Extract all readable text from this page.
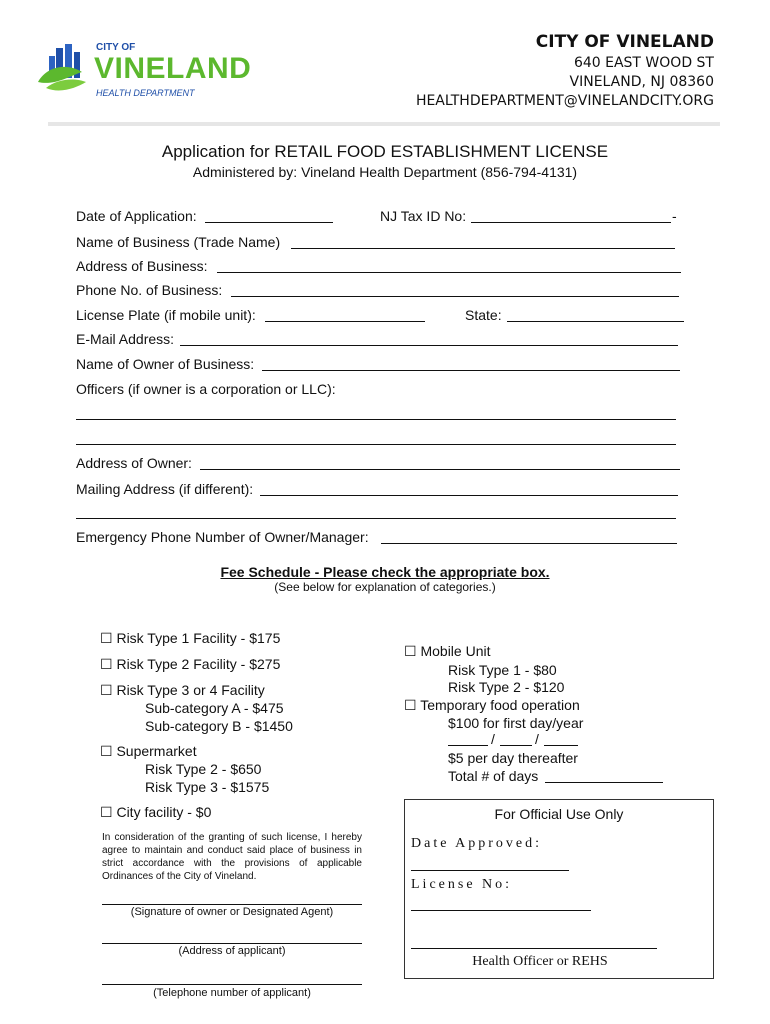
CITY OF
VINELAND
HEALTH DEPARTMENT
CITY OF VINELAND
640 EAST WOOD ST
VINELAND, NJ 08360
HEALTHDEPARTMENT@VINELANDCITY.ORG
Application for RETAIL FOOD ESTABLISHMENT LICENSE
Administered by: Vineland Health Department (856-794-4131)
Date of Application:	NJ Tax ID No:	-
Name of Business (Trade Name)
Address of Business:
Phone No. of Business:
License Plate (if mobile unit):	State:
E-Mail Address:
Name of Owner of Business:
Officers (if owner is a corporation or LLC):
Address of Owner:
Mailing Address (if different):
Emergency Phone Number of Owner/Manager:
Fee Schedule - Please check the appropriate box.
(See below for explanation of categories.)
☐ Risk Type 1 Facility - $175
☐ Risk Type 2 Facility - $275
☐ Risk Type 3 or 4 Facility
Sub-category A - $475
Sub-category B - $1450
☐ Supermarket
Risk Type 2 - $650
Risk Type 3 - $1575
☐ City facility - $0
☐ Mobile Unit
Risk Type 1 - $80
Risk Type 2 - $120
☐ Temporary food operation
$100 for first day/year
/	/
$5 per day thereafter
Total # of days
In consideration of the granting of such license, I hereby agree to maintain and conduct said place of business in strict accordance with the provisions of applicable Ordinances of the City of Vineland.
(Signature of owner or Designated Agent)
(Address of applicant)
(Telephone number of applicant)
For Official Use Only
Date Approved:
License No:
Health Officer or REHS
